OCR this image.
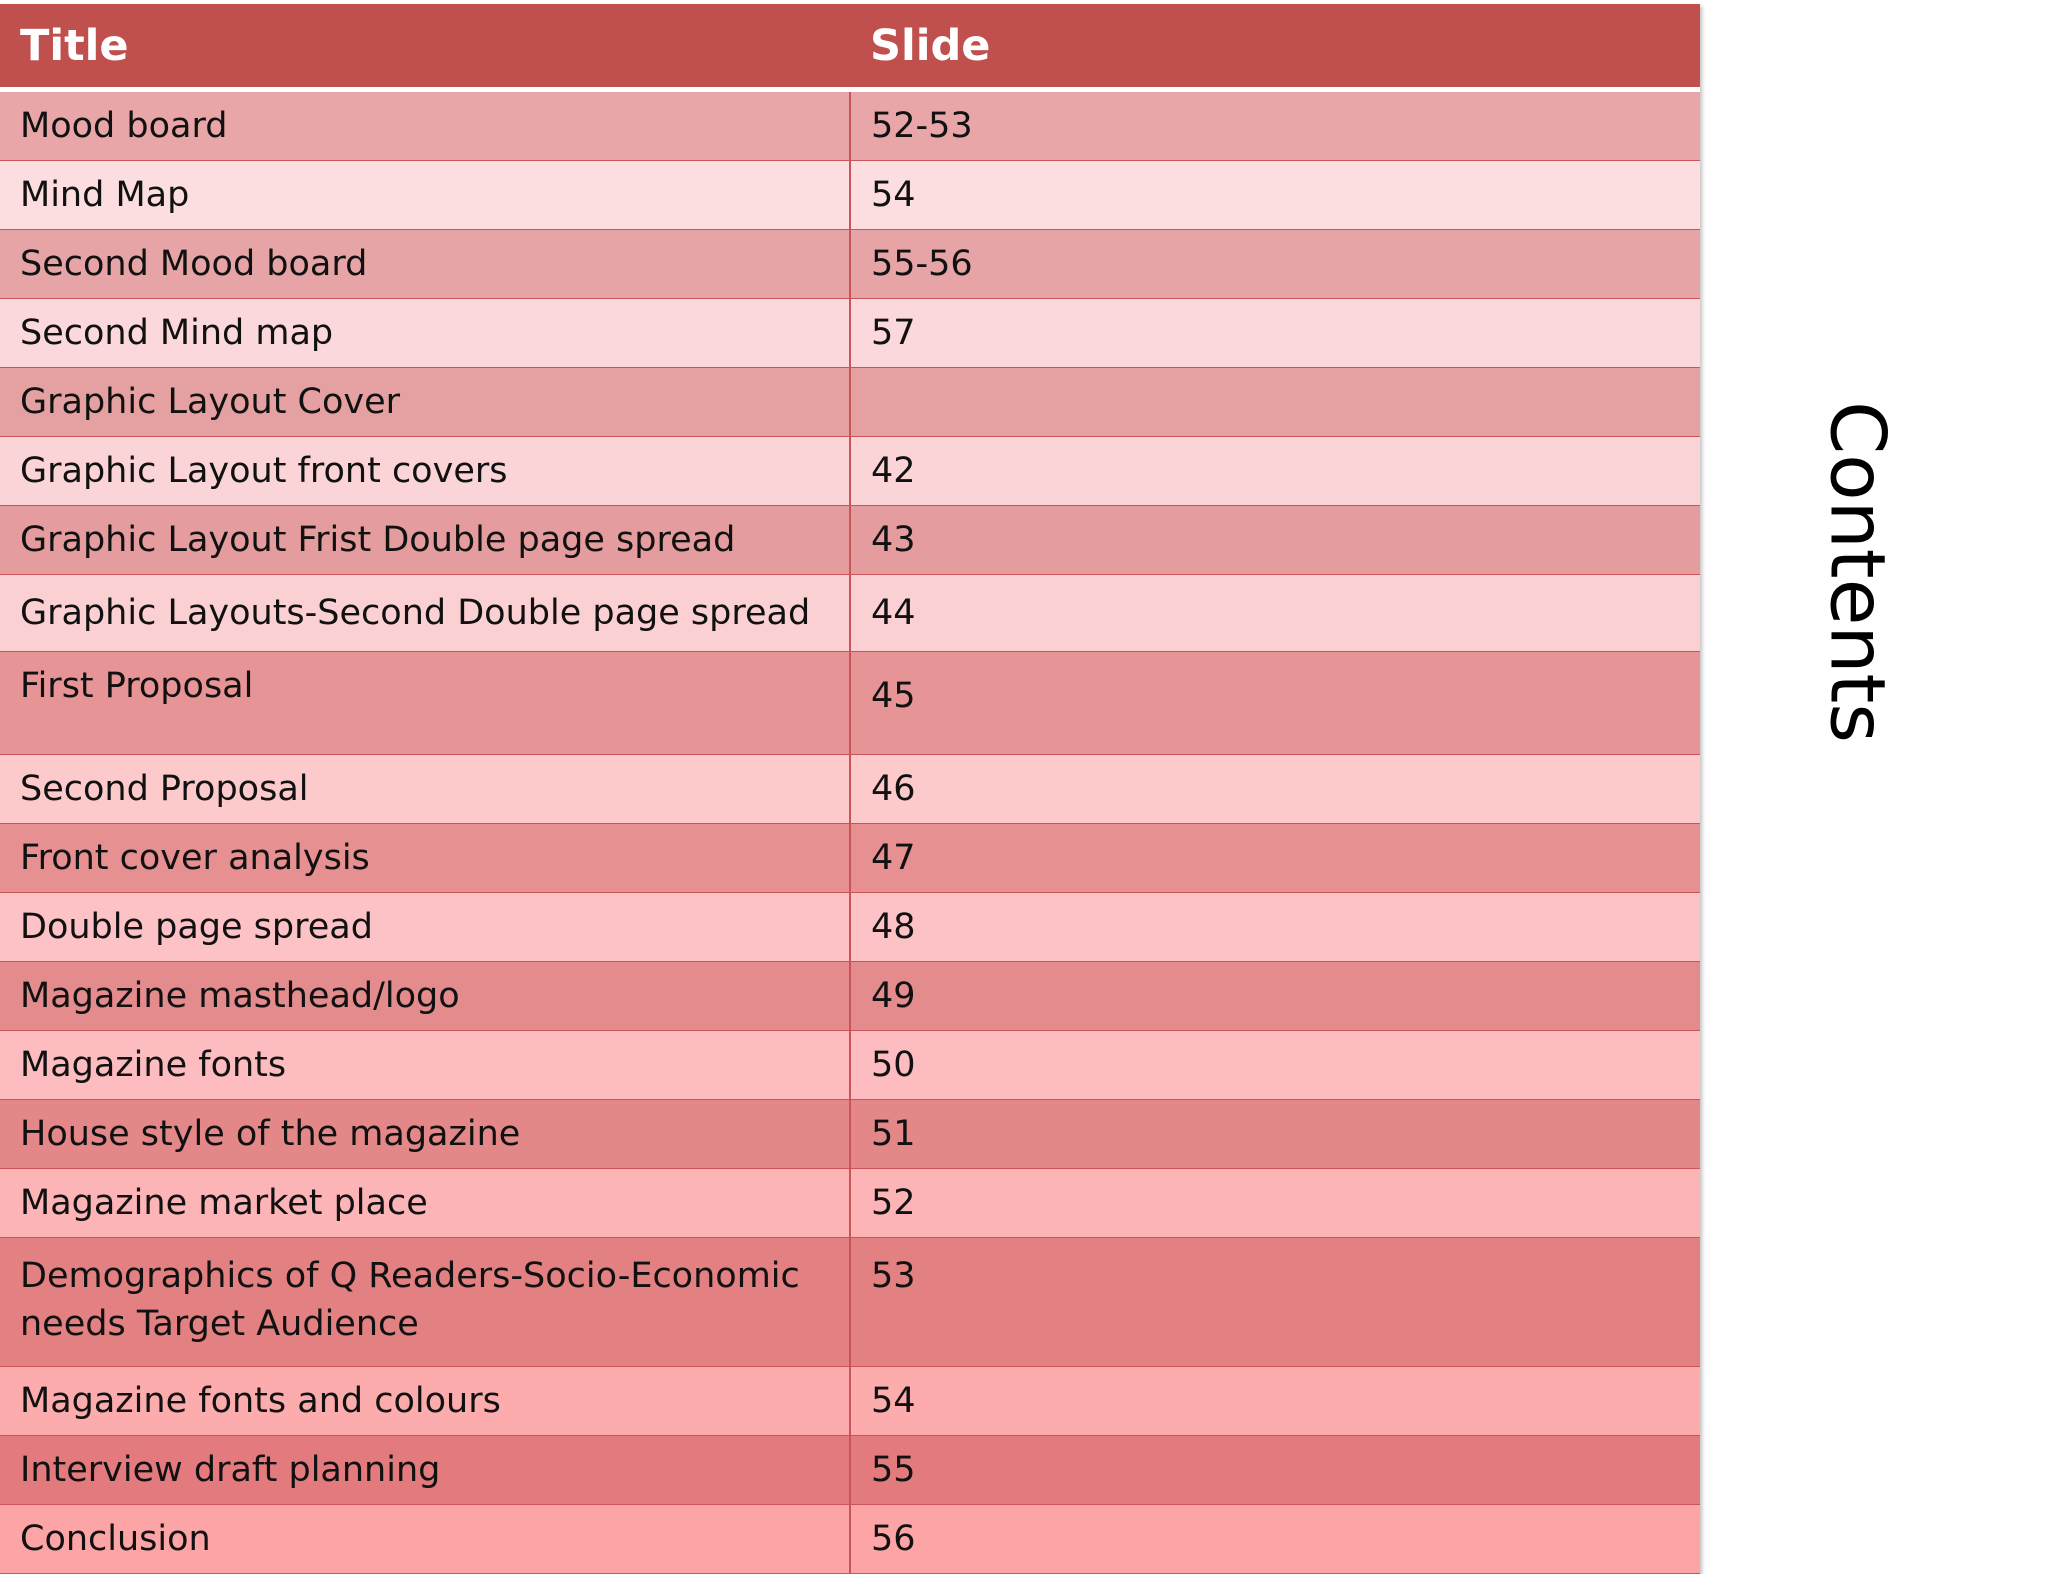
Title	Slide
Mood board	52-53
Mind Map	54
Second Mood board	55-56
Second Mind map	57
Graphic Layout Cover	
Graphic Layout front covers	42
Graphic Layout Frist Double page spread	43
Graphic Layouts-Second Double page spread	44
First Proposal	45
Second Proposal	46
Front cover analysis	47
Double page spread	48
Magazine masthead/logo	49
Magazine fonts	50
House style of the magazine	51
Magazine market place	52
Demographics of Q Readers-Socio-Economic needs Target Audience	53
Magazine fonts and colours	54
Interview draft planning	55
Conclusion	56
Contents
